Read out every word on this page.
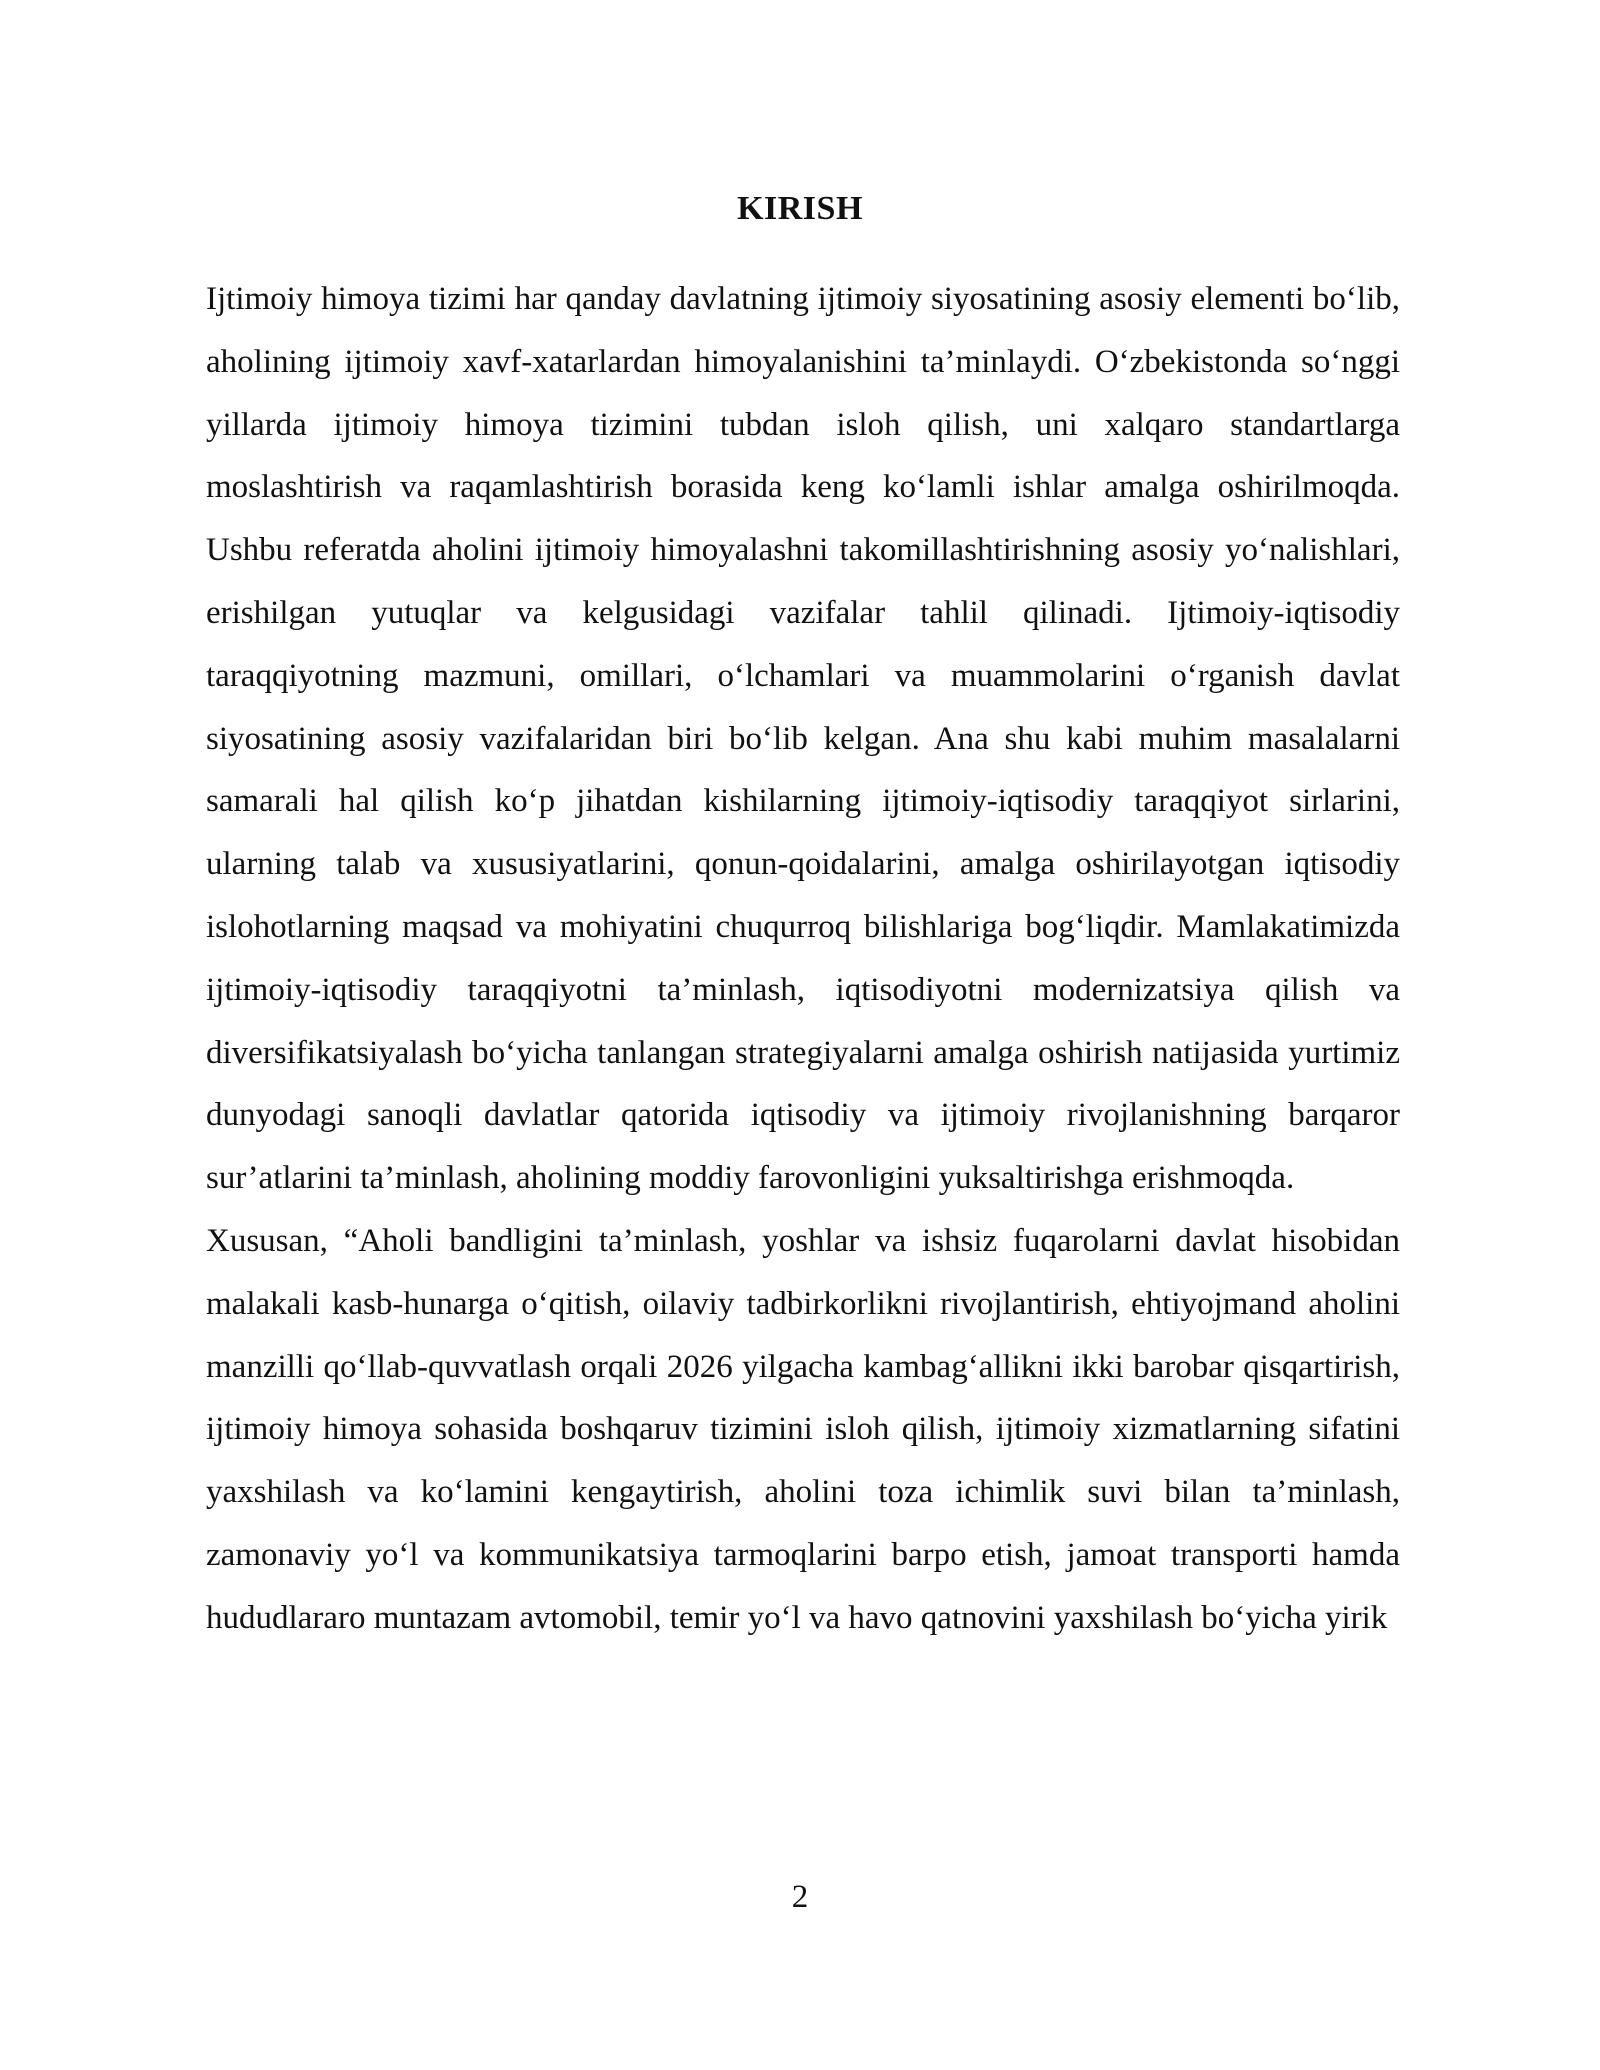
KIRISH

Ijtimoiy himoya tizimi har qanday davlatning ijtimoiy siyosatining asosiy elementi bo‘lib, aholining ijtimoiy xavf-xatarlardan himoyalanishini ta’minlaydi. O‘zbekistonda so‘nggi yillarda ijtimoiy himoya tizimini tubdan isloh qilish, uni xalqaro standartlarga moslashtirish va raqamlashtirish borasida keng ko‘lamli ishlar amalga oshirilmoqda. Ushbu referatda aholini ijtimoiy himoyalashni takomillashtirishning asosiy yo‘nalishlari, erishilgan yutuqlar va kelgusidagi vazifalar tahlil qilinadi. Ijtimoiy-iqtisodiy taraqqiyotning mazmuni, omillari, o‘lchamlari va muammolarini o‘rganish davlat siyosatining asosiy vazifalaridan biri bo‘lib kelgan. Ana shu kabi muhim masalalarni samarali hal qilish ko‘p jihatdan kishilarning ijtimoiy-iqtisodiy taraqqiyot sirlarini, ularning talab va xususiyatlarini, qonun-qoidalarini, amalga oshirilayotgan iqtisodiy islohotlarning maqsad va mohiyatini chuqurroq bilishlariga bog‘liqdir. Mamlakatimizda ijtimoiy-iqtisodiy taraqqiyotni ta’minlash, iqtisodiyotni modernizatsiya qilish va diversifikatsiyalash bo‘yicha tanlangan strategiyalarni amalga oshirish natijasida yurtimiz dunyodagi sanoqli davlatlar qatorida iqtisodiy va ijtimoiy rivojlanishning barqaror sur’atlarini ta’minlash, aholining moddiy farovonligini yuksaltirishga erishmoqda.

Xususan, “Aholi bandligini ta’minlash, yoshlar va ishsiz fuqarolarni davlat hisobidan malakali kasb-hunarga o‘qitish, oilaviy tadbirkorlikni rivojlantirish, ehtiyojmand aholini manzilli qo‘llab-quvvatlash orqali 2026 yilgacha kambag‘allikni ikki barobar qisqartirish, ijtimoiy himoya sohasida boshqaruv tizimini isloh qilish, ijtimoiy xizmatlarning sifatini yaxshilash va ko‘lamini kengaytirish, aholini toza ichimlik suvi bilan ta’minlash, zamonaviy yo‘l va kommunikatsiya tarmoqlarini barpo etish, jamoat transporti hamda hududlararo muntazam avtomobil, temir yo‘l va havo qatnovini yaxshilash bo‘yicha yirik

2
